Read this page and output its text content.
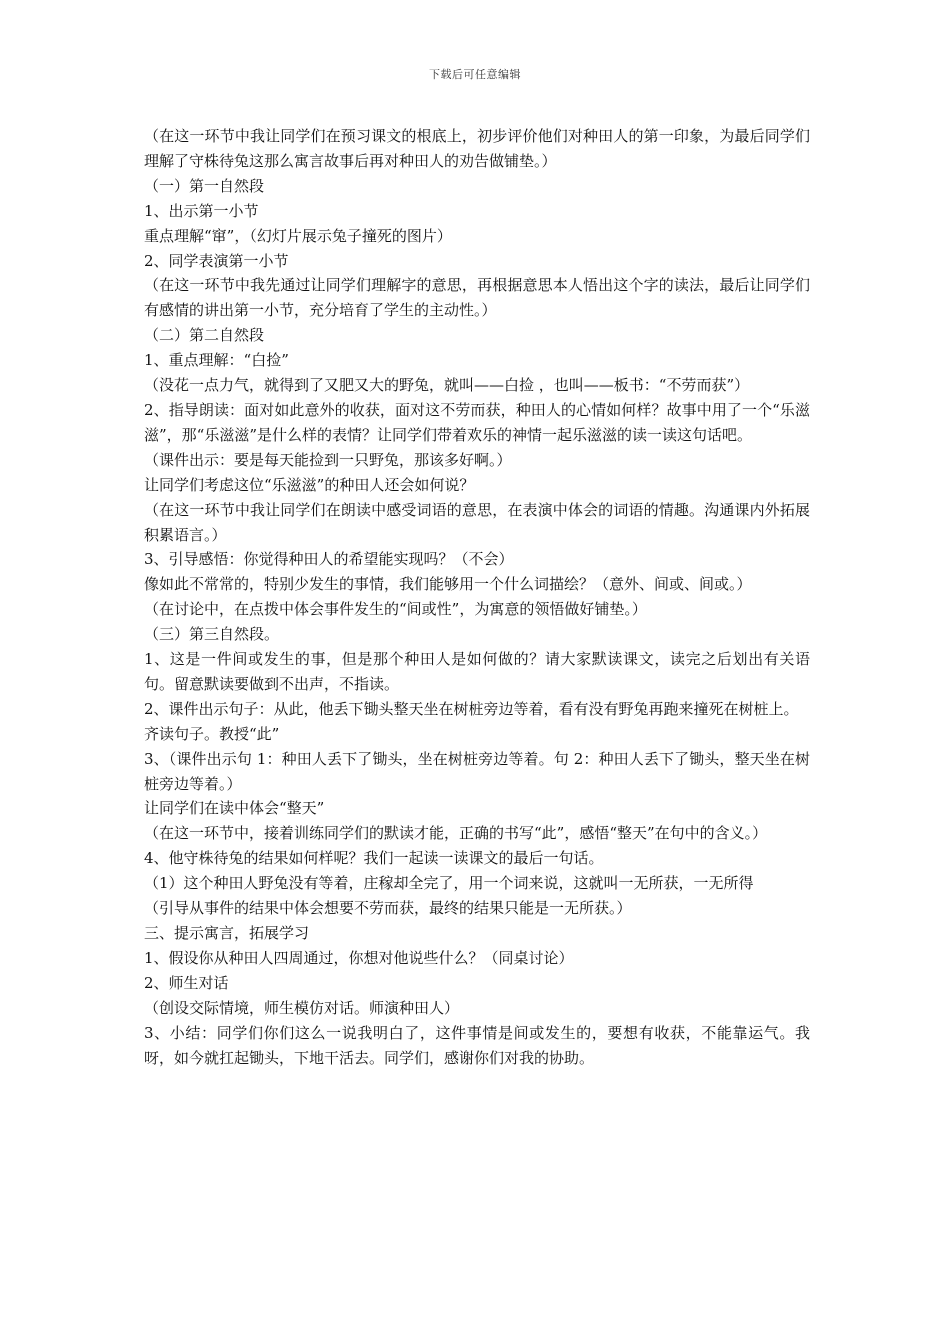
下载后可任意编辑

（在这一环节中我让同学们在预习课文的根底上，初步评价他们对种田人的第一印象，为最后同学们理解了守株待兔这那么寓言故事后再对种田人的劝告做铺垫。）

（一）第一自然段

1、出示第一小节

重点理解“窜”，（幻灯片展示兔子撞死的图片）

2、同学表演第一小节

（在这一环节中我先通过让同学们理解字的意思，再根据意思本人悟出这个字的读法，最后让同学们有感情的讲出第一小节，充分培育了学生的主动性。）

（二）第二自然段

1、重点理解：“白捡”

（没花一点力气，就得到了又肥又大的野兔，就叫——白捡 ，也叫——板书：“不劳而获”）

2、指导朗读：面对如此意外的收获，面对这不劳而获，种田人的心情如何样？故事中用了一个“乐滋滋”，那“乐滋滋”是什么样的表情？让同学们带着欢乐的神情一起乐滋滋的读一读这句话吧。

（课件出示：要是每天能捡到一只野兔，那该多好啊。）

让同学们考虑这位“乐滋滋”的种田人还会如何说？

（在这一环节中我让同学们在朗读中感受词语的意思，在表演中体会的词语的情趣。沟通课内外拓展积累语言。）

3、引导感悟：你觉得种田人的希望能实现吗？（不会）

像如此不常常的，特别少发生的事情，我们能够用一个什么词描绘？（意外、间或、间或。）

（在讨论中，在点拨中体会事件发生的“间或性”，为寓意的领悟做好铺垫。）

（三）第三自然段。

1、这是一件间或发生的事，但是那个种田人是如何做的？请大家默读课文，读完之后划出有关语句。留意默读要做到不出声，不指读。

2、课件出示句子：从此，他丢下锄头整天坐在树桩旁边等着，看有没有野兔再跑来撞死在树桩上。

齐读句子。教授“此”

3、（课件出示句 1：种田人丢下了锄头，坐在树桩旁边等着。句 2：种田人丢下了锄头，整天坐在树桩旁边等着。）

让同学们在读中体会“整天”

（在这一环节中，接着训练同学们的默读才能，正确的书写“此”，感悟“整天”在句中的含义。）

4、他守株待兔的结果如何样呢？我们一起读一读课文的最后一句话。

（1）这个种田人野兔没有等着，庄稼却全完了，用一个词来说，这就叫一无所获，一无所得

（引导从事件的结果中体会想要不劳而获，最终的结果只能是一无所获。）

三、提示寓言，拓展学习

1、假设你从种田人四周通过，你想对他说些什么？（同桌讨论）

2、师生对话

（创设交际情境，师生模仿对话。师演种田人）

3、小结：同学们你们这么一说我明白了，这件事情是间或发生的，要想有收获，不能靠运气。我呀，如今就扛起锄头，下地干活去。同学们，感谢你们对我的协助。
